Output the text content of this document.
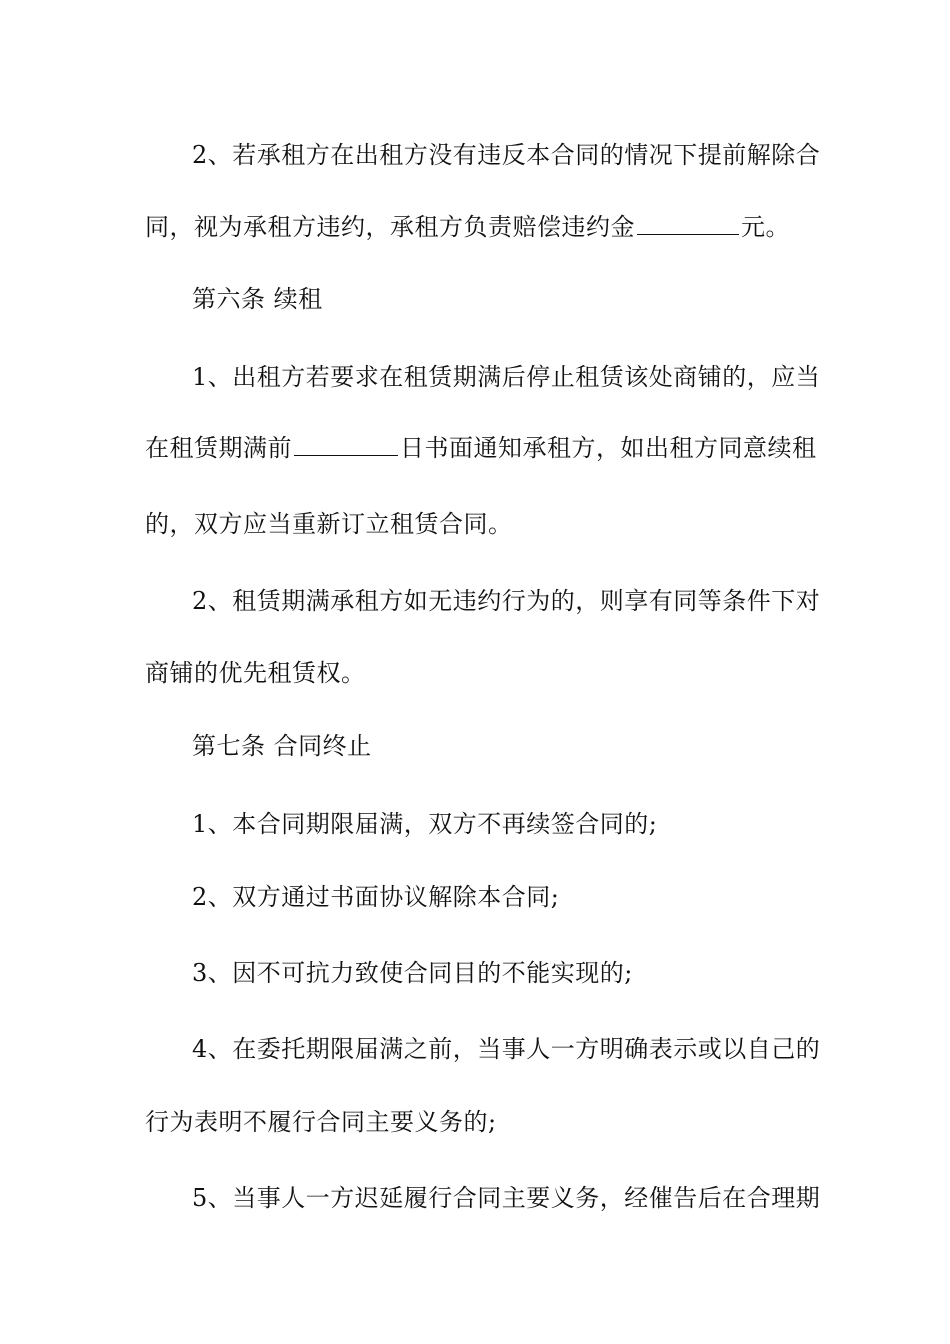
2、若承租方在出租方没有违反本合同的情况下提前解除合
同，视为承租方违约，承租方负责赔偿违约金	元。
第六条 续租
1、出租方若要求在租赁期满后停止租赁该处商铺的，应当
在租赁期满前	日书面通知承租方，如出租方同意续租
的，双方应当重新订立租赁合同。
2、租赁期满承租方如无违约行为的，则享有同等条件下对
商铺的优先租赁权。
第七条 合同终止
1、本合同期限届满，双方不再续签合同的;
2、双方通过书面协议解除本合同;
3、因不可抗力致使合同目的不能实现的;
4、在委托期限届满之前，当事人一方明确表示或以自己的
行为表明不履行合同主要义务的;
5、当事人一方迟延履行合同主要义务，经催告后在合理期
